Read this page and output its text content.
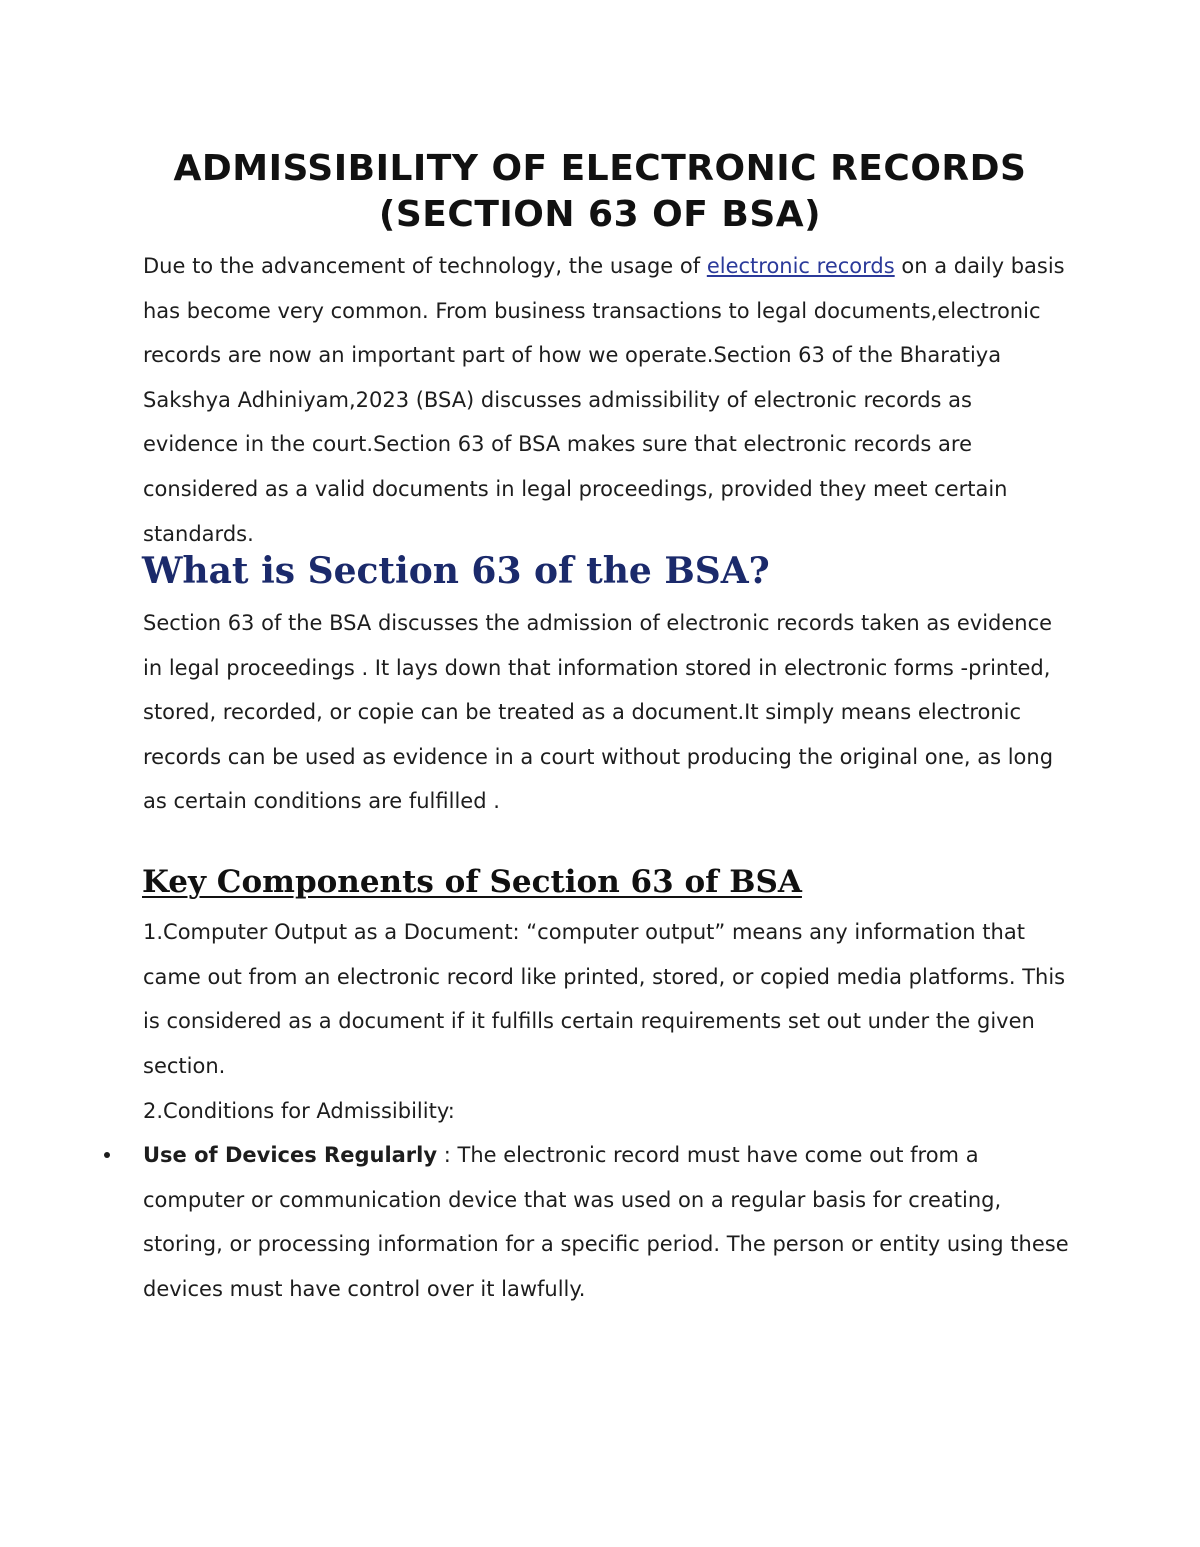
ADMISSIBILITY OF ELECTRONIC RECORDS
(SECTION 63 OF BSA)

Due to the advancement of technology, the usage of electronic records on a daily basis has become very common. From business transactions to legal documents,electronic records are now an important part of how we operate.Section 63 of the Bharatiya Sakshya Adhiniyam,2023 (BSA) discusses admissibility of electronic records as evidence in the court.Section 63 of BSA makes sure that electronic records are considered as a valid documents in legal proceedings, provided they meet certain standards.

What is Section 63 of the BSA?

Section 63 of the BSA discusses the admission of electronic records taken as evidence in legal proceedings . It lays down that information stored in electronic forms -printed, stored, recorded, or copie can be treated as a document.It simply means electronic records can be used as evidence in a court without producing the original one, as long as certain conditions are fulfilled .

Key Components of Section 63 of BSA

1.Computer Output as a Document: “computer output” means any information that came out from an electronic record like printed, stored, or copied media platforms. This is considered as a document if it fulfills certain requirements set out under the given section.

2.Conditions for Admissibility:

Use of Devices Regularly : The electronic record must have come out from a computer or communication device that was used on a regular basis for creating, storing, or processing information for a specific period. The person or entity using these devices must have control over it lawfully.
